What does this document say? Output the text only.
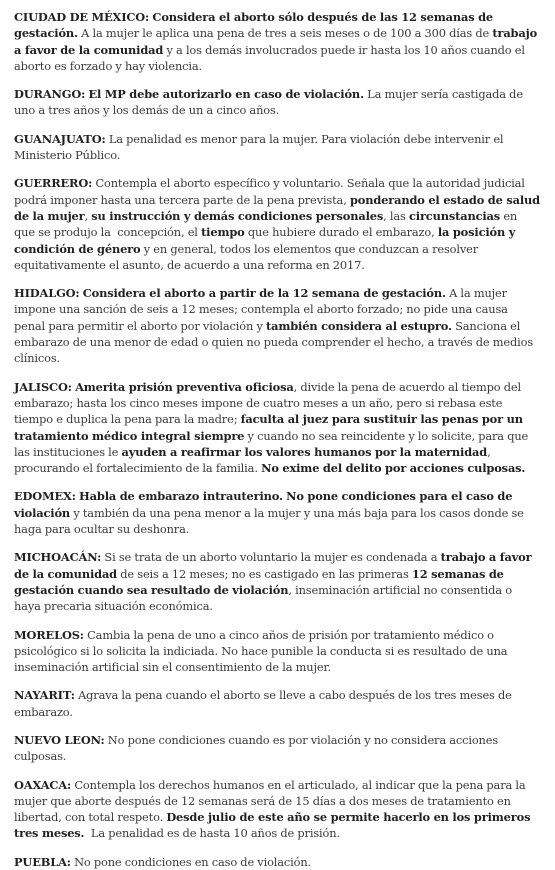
CIUDAD DE MÉXICO: Considera el aborto sólo después de las 12 semanas de gestación. A la mujer le aplica una pena de tres a seis meses o de 100 a 300 días de trabajo a favor de la comunidad y a los demás involucrados puede ir hasta los 10 años cuando el aborto es forzado y hay violencia.

DURANGO: El MP debe autorizarlo en caso de violación. La mujer sería castigada de uno a tres años y los demás de un a cinco años.

GUANAJUATO: La penalidad es menor para la mujer. Para violación debe intervenir el Ministerio Público.

GUERRERO: Contempla el aborto específico y voluntario. Señala que la autoridad judicial podrá imponer hasta una tercera parte de la pena prevista, ponderando el estado de salud de la mujer, su instrucción y demás condiciones personales, las circunstancias en que se produjo la  concepción, el tiempo que hubiere durado el embarazo, la posición y condición de género y en general, todos los elementos que conduzcan a resolver equitativamente el asunto, de acuerdo a una reforma en 2017.

HIDALGO: Considera el aborto a partir de la 12 semana de gestación. A la mujer impone una sanción de seis a 12 meses; contempla el aborto forzado; no pide una causa penal para permitir el aborto por violación y también considera al estupro. Sanciona el embarazo de una menor de edad o quien no pueda comprender el hecho, a través de medios clínicos.

JALISCO: Amerita prisión preventiva oficiosa, divide la pena de acuerdo al tiempo del embarazo; hasta los cinco meses impone de cuatro meses a un año, pero si rebasa este tiempo e duplica la pena para la madre; faculta al juez para sustituir las penas por un tratamiento médico integral siempre y cuando no sea reincidente y lo solicite, para que las instituciones le ayuden a reafirmar los valores humanos por la maternidad, procurando el fortalecimiento de la familia. No exime del delito por acciones culposas.

EDOMEX: Habla de embarazo intrauterino. No pone condiciones para el caso de violación y también da una pena menor a la mujer y una más baja para los casos donde se haga para ocultar su deshonra.

MICHOACÁN: Si se trata de un aborto voluntario la mujer es condenada a trabajo a favor de la comunidad de seis a 12 meses; no es castigado en las primeras 12 semanas de gestación cuando sea resultado de violación, inseminación artificial no consentida o haya precaria situación económica.

MORELOS: Cambia la pena de uno a cinco años de prisión por tratamiento médico o psicológico si lo solicita la indiciada. No hace punible la conducta si es resultado de una inseminación artificial sin el consentimiento de la mujer.

NAYARIT: Agrava la pena cuando el aborto se lleve a cabo después de los tres meses de embarazo.

NUEVO LEON: No pone condiciones cuando es por violación y no considera acciones culposas.

OAXACA: Contempla los derechos humanos en el articulado, al indicar que la pena para la mujer que aborte después de 12 semanas será de 15 días a dos meses de tratamiento en libertad, con total respeto. Desde julio de este año se permite hacerlo en los primeros tres meses.  La penalidad es de hasta 10 años de prisión.

PUEBLA: No pone condiciones en caso de violación.
